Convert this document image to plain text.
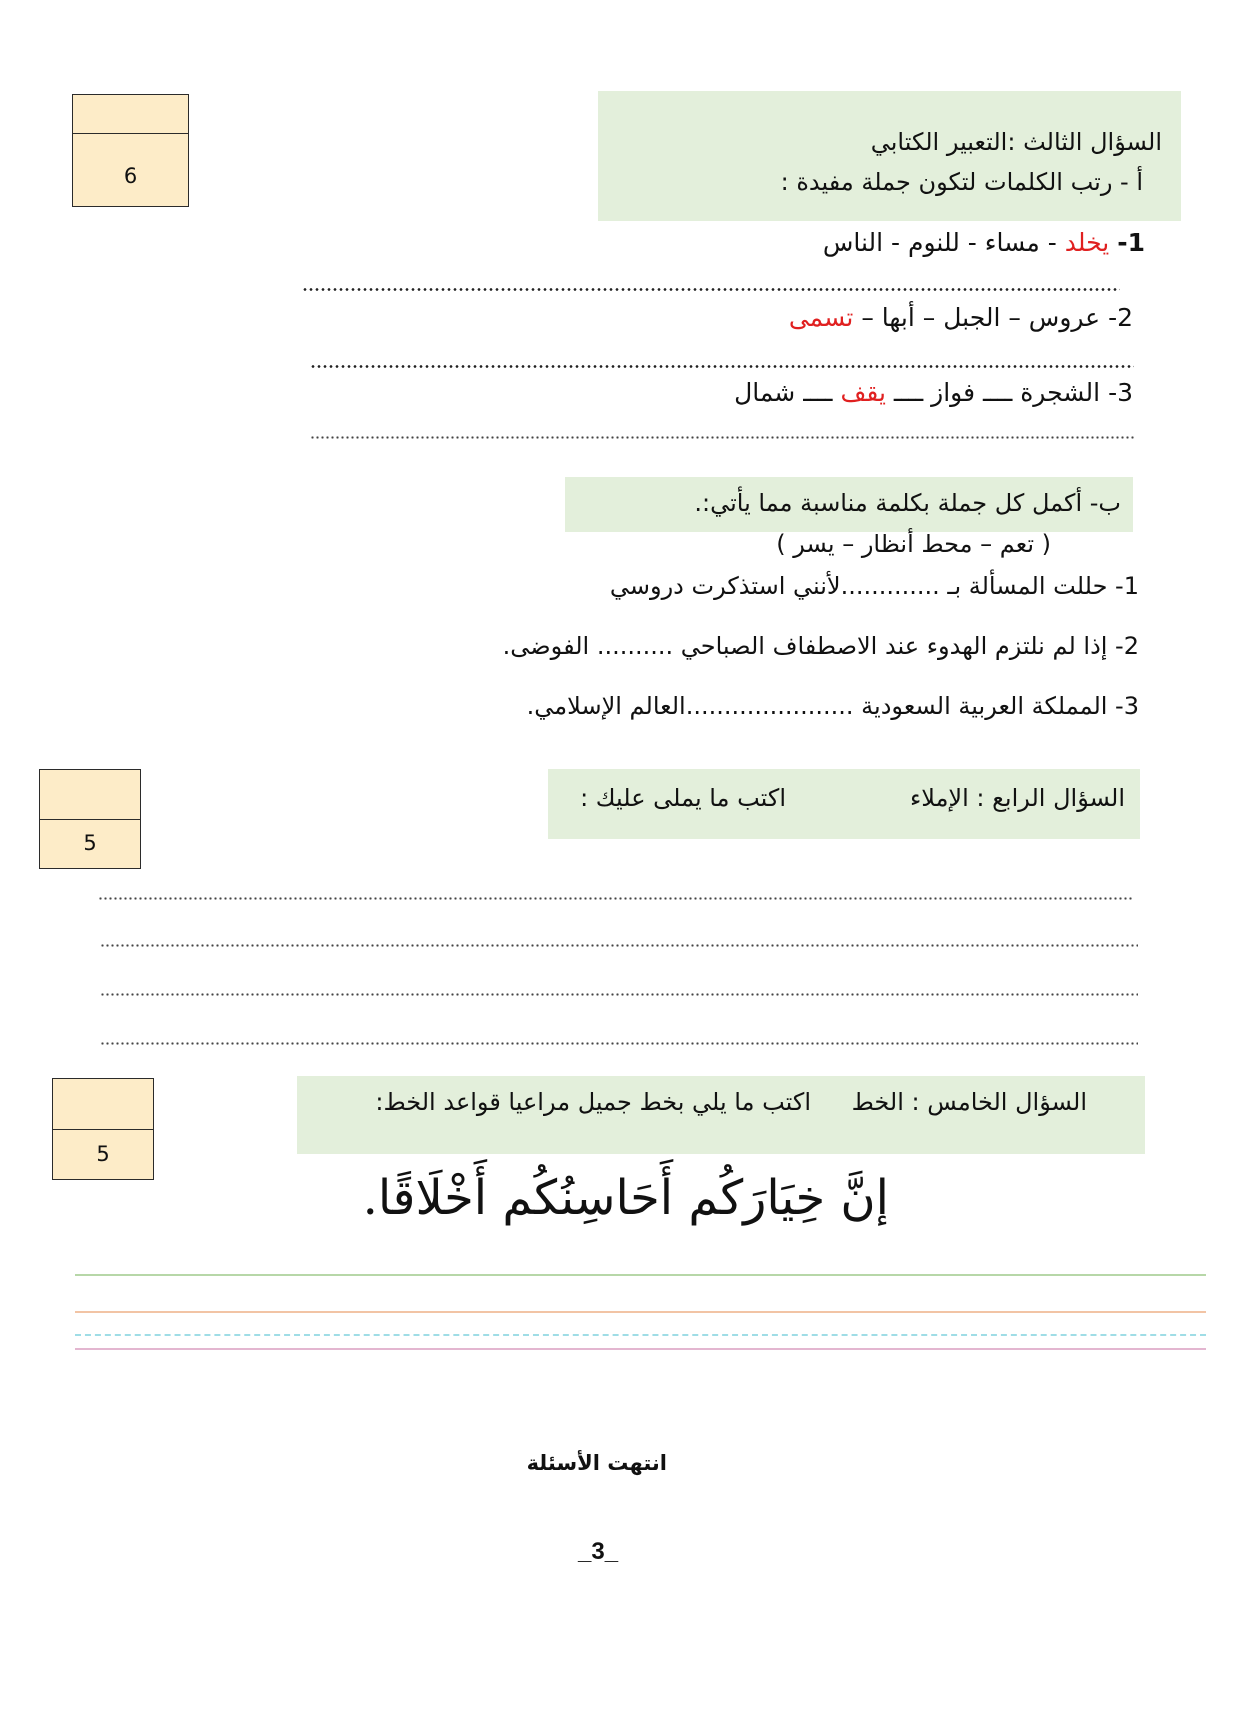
6
السؤال الثالث :التعبير الكتابي
أ - رتب الكلمات لتكون جملة مفيدة :
1- يخلد - مساء - للنوم - الناس
2- عروس – الجبل – أبها – تسمى
3- الشجرة ــــ فواز ــــ يقف ــــ شمال
ب- أكمل كل جملة بكلمة مناسبة مما يأتي:.
( تعم – محط أنظار – يسر )
1- حللت المسألة بـ .............لأنني استذكرت دروسي
2- إذا لم نلتزم الهدوء عند الاصطفاف الصباحي .......... الفوضى.
3- المملكة العربية السعودية ......................العالم الإسلامي.
5
السؤال الرابع : الإملاء
اكتب ما يملى عليك :
5
السؤال الخامس : الخط
اكتب ما يلي بخط جميل مراعيا قواعد الخط:
إنَّ خِيَارَكُم أَحَاسِنُكُم أَخْلَاقًا.
انتهت الأسئلة
_3_
